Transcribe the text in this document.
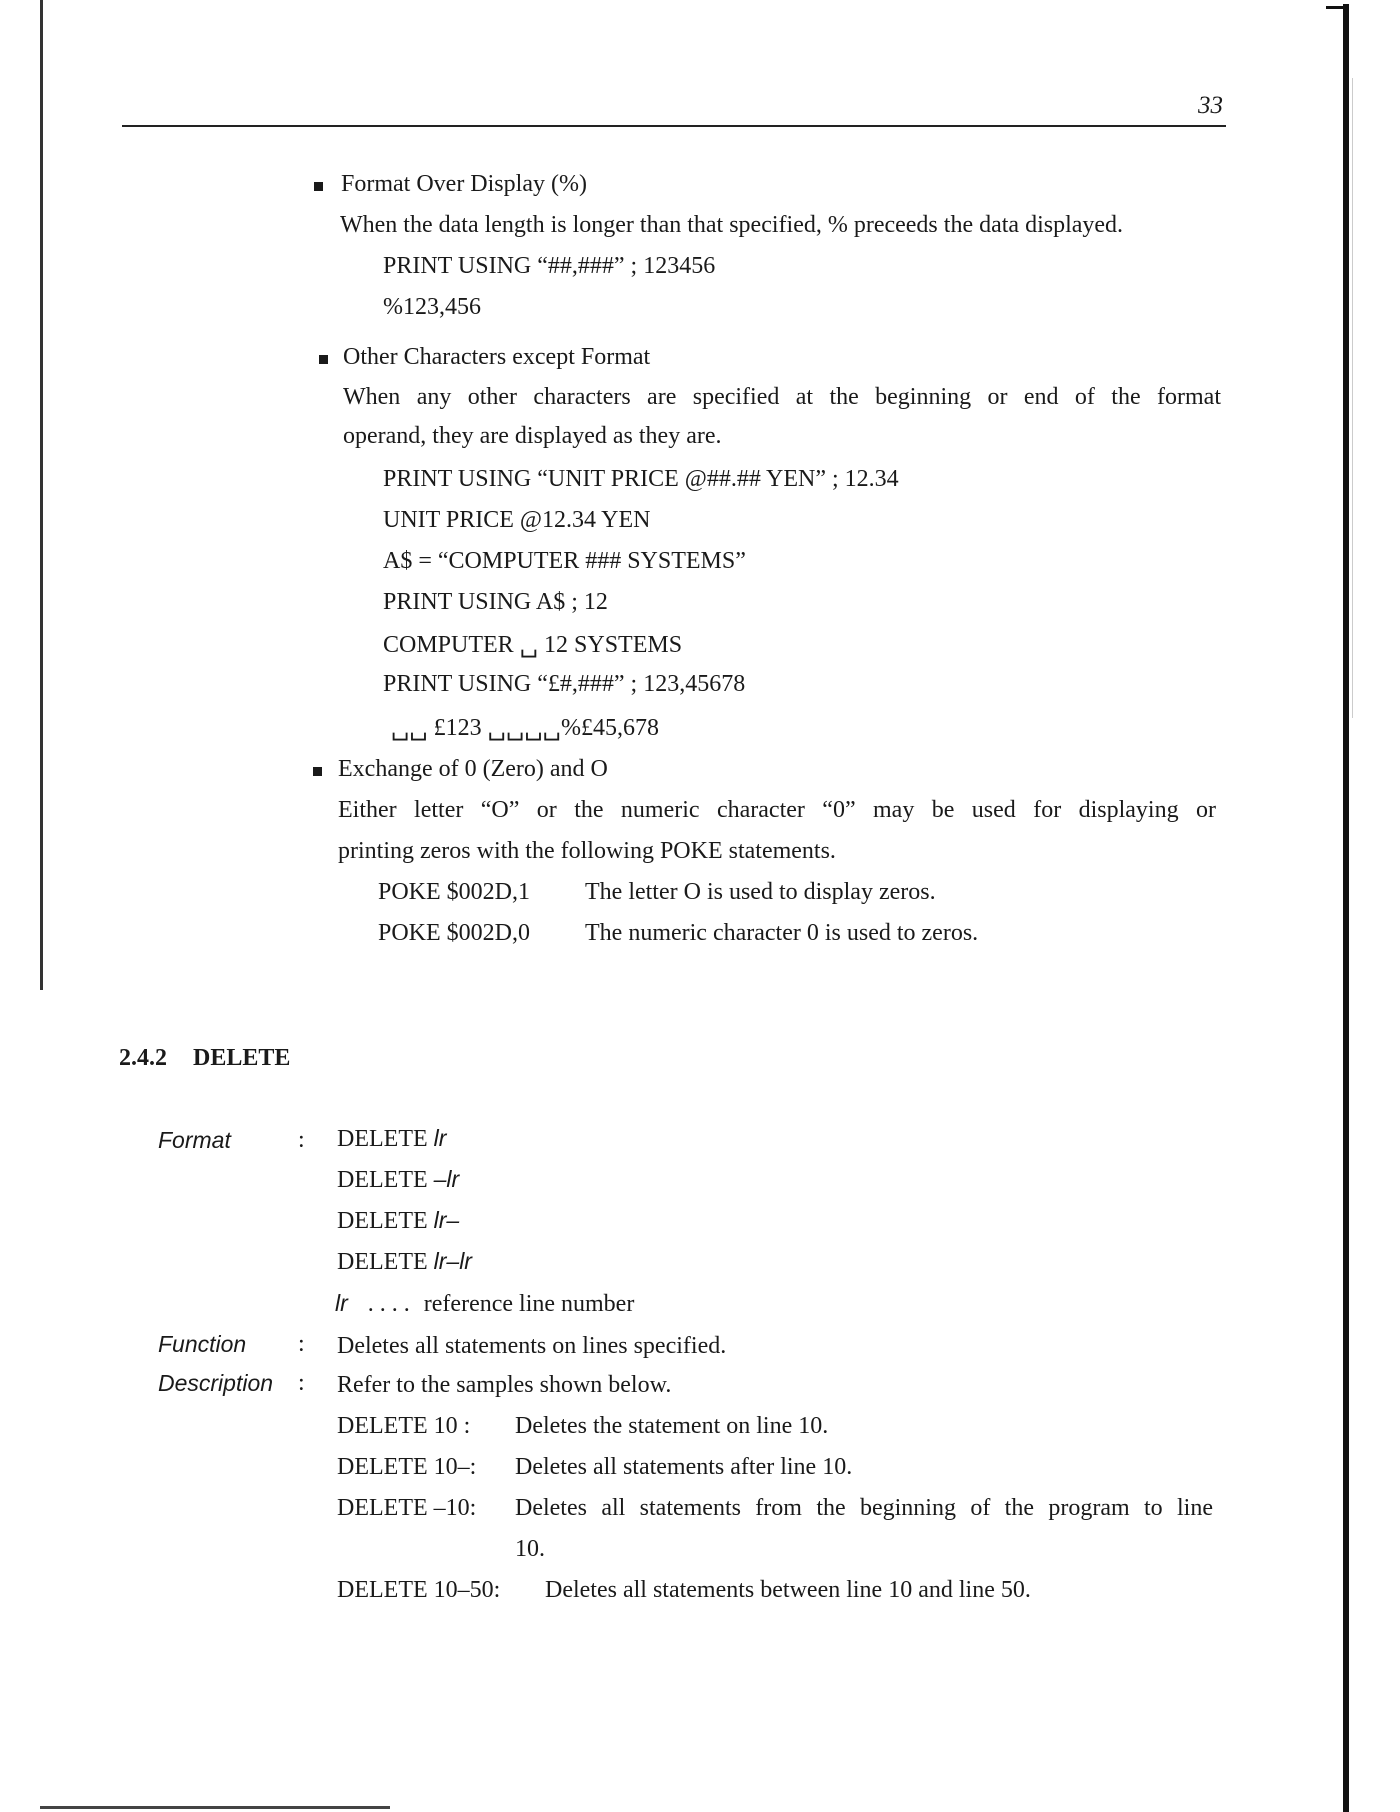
33
Format Over Display (%)
When the data length is longer than that specified, % preceeds the data displayed.
PRINT USING “##,###” ; 123456
%123,456
Other Characters except Format
When any other characters are specified at the beginning or end of the format
operand, they are displayed as they are.
PRINT USING “UNIT PRICE @##.## YEN” ; 12.34
UNIT PRICE @12.34 YEN
A$ = “COMPUTER ### SYSTEMS”
PRINT USING A$ ; 12
COMPUTER ␣ 12 SYSTEMS
PRINT USING “£#,###” ; 123,45678
␣␣ £123 ␣␣␣␣%£45,678
Exchange of 0 (Zero) and O
Either letter “O” or the numeric character “0” may be used for displaying or
printing zeros with the following POKE statements.
POKE $002D,1 The letter O is used to display zeros.
POKE $002D,0 The numeric character 0 is used to zeros.
2.4.2 DELETE
Format	: DELETE lr
DELETE –lr
DELETE lr–
DELETE lr–lr
lr . . . . reference line number
Function : Deletes all statements on lines specified.
Description : Refer to the samples shown below.
DELETE 10 : Deletes the statement on line 10.
DELETE 10–: Deletes all statements after line 10.
DELETE –10: Deletes all statements from the beginning of the program to line
10.
DELETE 10–50: Deletes all statements between line 10 and line 50.
